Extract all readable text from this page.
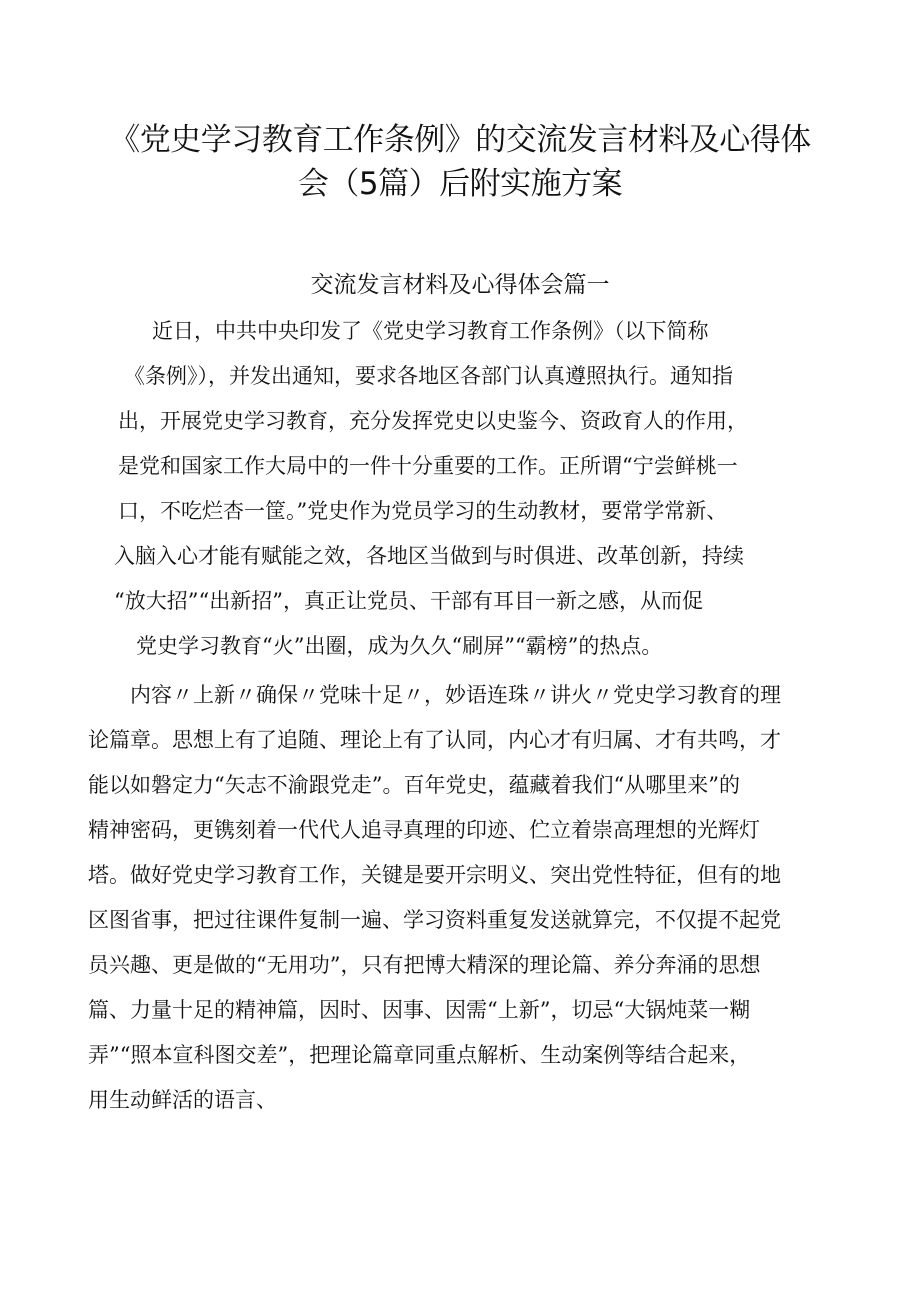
《党史学习教育工作条例》的交流发言材料及心得体
会（5篇）后附实施方案
交流发言材料及心得体会篇一
近日，中共中央印发了《党史学习教育工作条例》（以下简称
《条例》），并发出通知，要求各地区各部门认真遵照执行。通知指
出，开展党史学习教育，充分发挥党史以史鉴今、资政育人的作用，
是党和国家工作大局中的一件十分重要的工作。正所谓“宁尝鲜桃一
口，不吃烂杏一筐。”党史作为党员学习的生动教材，要常学常新、
入脑入心才能有赋能之效，各地区当做到与时俱进、改革创新，持续
“放大招”“出新招”，真正让党员、干部有耳目一新之感，从而促
党史学习教育“火”出圈，成为久久“刷屏”“霸榜”的热点。
内容〃上新〃确保〃党味十足〃，妙语连珠〃讲火〃党史学习教育的理
论篇章。思想上有了追随、理论上有了认同，内心才有归属、才有共鸣，才
能以如磐定力“矢志不渝跟党走”。百年党史，蕴藏着我们“从哪里来”的
精神密码，更镌刻着一代代人追寻真理的印迹、伫立着崇高理想的光辉灯
塔。做好党史学习教育工作，关键是要开宗明义、突出党性特征，但有的地
区图省事，把过往课件复制一遍、学习资料重复发送就算完，不仅提不起党
员兴趣、更是做的“无用功”，只有把博大精深的理论篇、养分奔涌的思想
篇、力量十足的精神篇，因时、因事、因需“上新”，切忌“大锅炖菜一糊
弄”“照本宣科图交差”，把理论篇章同重点解析、生动案例等结合起来，
用生动鲜活的语言、
